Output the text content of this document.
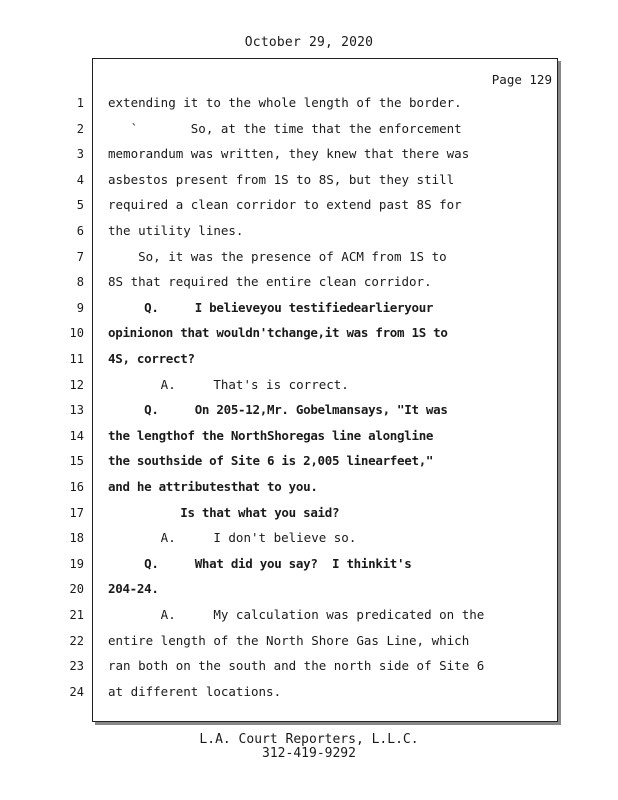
October 29, 2020
Page 129
1 extending it to the whole length of the border.
2 `       So, at the time that the enforcement
3 memorandum was written, they knew that there was
4 asbestos present from 1S to 8S, but they still
5 required a clean corridor to extend past 8S for
6 the utility lines.
7 So, it was the presence of ACM from 1S to
8 8S that required the entire clean corridor.
9 Q.     I believeyou testifiedearlieryour
10 opinionon that wouldn'tchange,it was from 1S to
11 4S, correct?
12 A.     That's is correct.
13 Q.     On 205-12,Mr. Gobelmansays, "It was
14 the lengthof the NorthShoregas line alongline
15 the southside of Site 6 is 2,005 linearfeet,"
16 and he attributesthat to you.
17 Is that what you said?
18 A.     I don't believe so.
19 Q.     What did you say?  I thinkit's
20 204-24.
21 A.     My calculation was predicated on the
22 entire length of the North Shore Gas Line, which
23 ran both on the south and the north side of Site 6
24 at different locations.
L.A. Court Reporters, L.L.C.
312-419-9292
